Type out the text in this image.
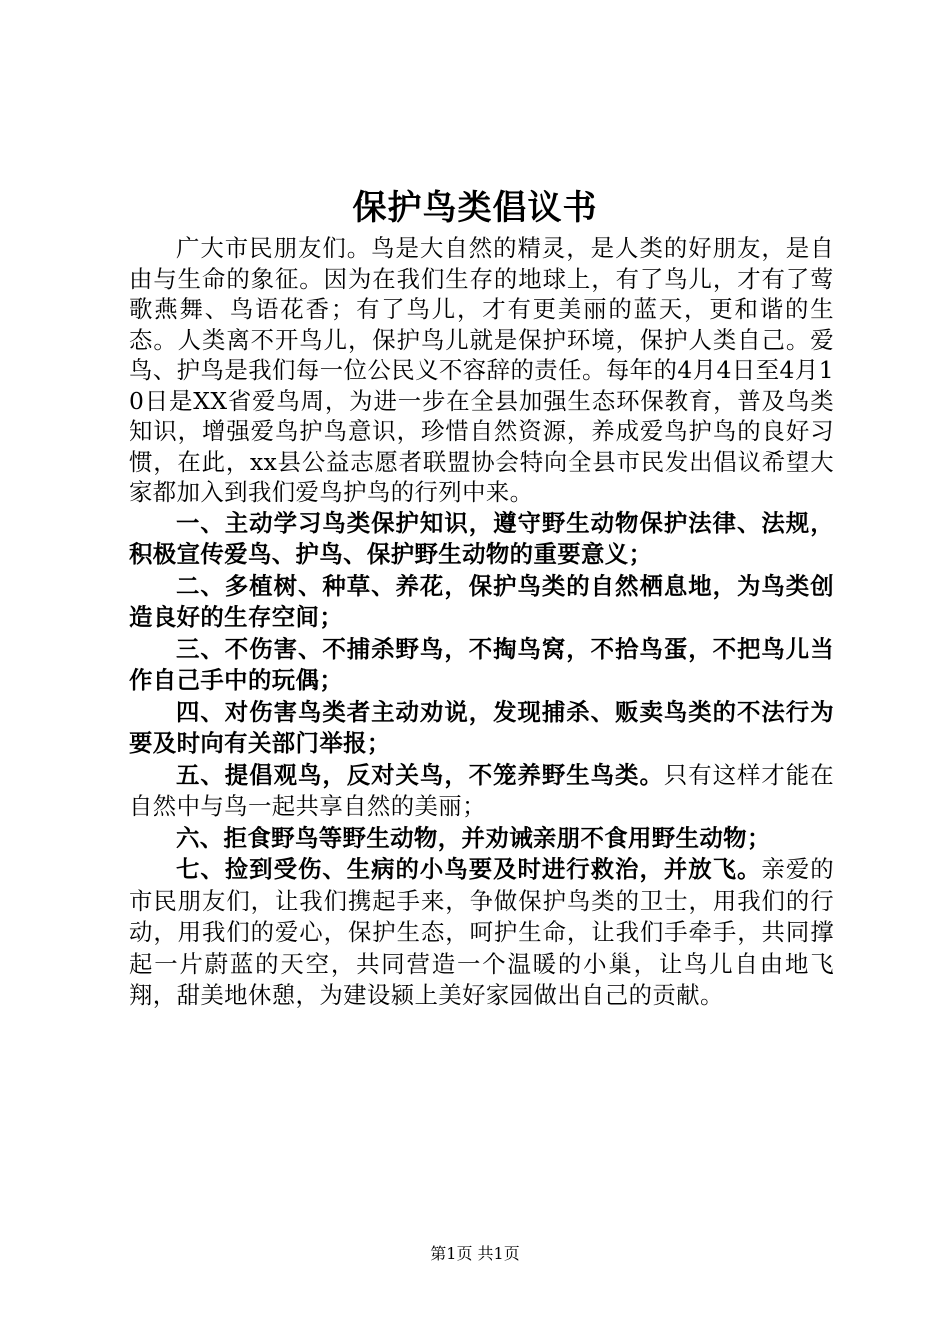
保护鸟类倡议书

广大市民朋友们。鸟是大自然的精灵，是人类的好朋友，是自由与生命的象征。因为在我们生存的地球上，有了鸟儿，才有了莺歌燕舞、鸟语花香；有了鸟儿，才有更美丽的蓝天，更和谐的生态。人类离不开鸟儿，保护鸟儿就是保护环境，保护人类自己。爱鸟、护鸟是我们每一位公民义不容辞的责任。每年的4月4日至4月10日是XX省爱鸟周，为进一步在全县加强生态环保教育，普及鸟类知识，增强爱鸟护鸟意识，珍惜自然资源，养成爱鸟护鸟的良好习惯，在此，xx县公益志愿者联盟协会特向全县市民发出倡议希望大家都加入到我们爱鸟护鸟的行列中来。

一、主动学习鸟类保护知识，遵守野生动物保护法律、法规，积极宣传爱鸟、护鸟、保护野生动物的重要意义；

二、多植树、种草、养花，保护鸟类的自然栖息地，为鸟类创造良好的生存空间；

三、不伤害、不捕杀野鸟，不掏鸟窝，不拾鸟蛋，不把鸟儿当作自己手中的玩偶；

四、对伤害鸟类者主动劝说，发现捕杀、贩卖鸟类的不法行为要及时向有关部门举报；

五、提倡观鸟，反对关鸟，不笼养野生鸟类。只有这样才能在自然中与鸟一起共享自然的美丽；

六、拒食野鸟等野生动物，并劝诫亲朋不食用野生动物；

七、捡到受伤、生病的小鸟要及时进行救治，并放飞。亲爱的市民朋友们，让我们携起手来，争做保护鸟类的卫士，用我们的行动，用我们的爱心，保护生态，呵护生命，让我们手牵手，共同撑起一片蔚蓝的天空，共同营造一个温暖的小巢，让鸟儿自由地飞翔，甜美地休憩，为建设颍上美好家园做出自己的贡献。

第1页 共1页
